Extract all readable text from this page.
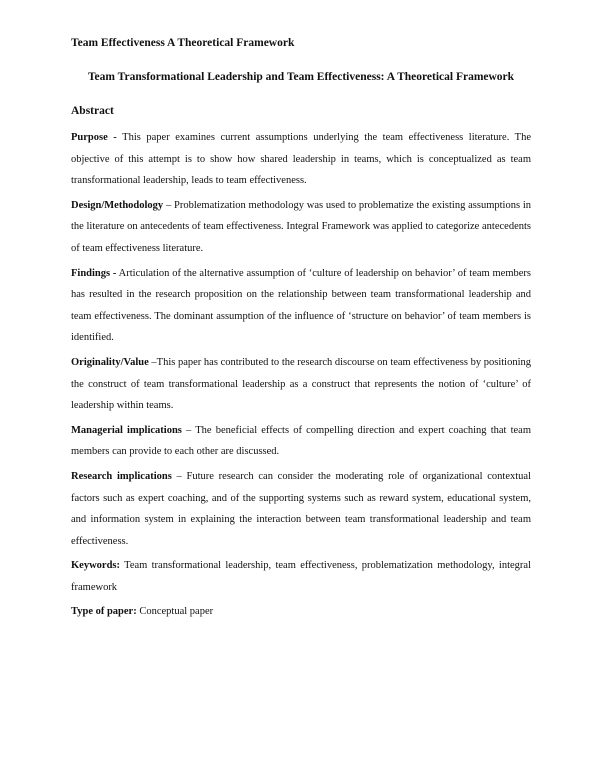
Team Effectiveness A Theoretical Framework
Team Transformational Leadership and Team Effectiveness: A Theoretical Framework
Abstract

Purpose - This paper examines current assumptions underlying the team effectiveness literature. The objective of this attempt is to show how shared leadership in teams, which is conceptualized as team transformational leadership, leads to team effectiveness.

Design/Methodology – Problematization methodology was used to problematize the existing assumptions in the literature on antecedents of team effectiveness. Integral Framework was applied to categorize antecedents of team effectiveness literature.

Findings - Articulation of the alternative assumption of ‘culture of leadership on behavior’ of team members has resulted in the research proposition on the relationship between team transformational leadership and team effectiveness. The dominant assumption of the influence of ‘structure on behavior’ of team members is identified.

Originality/Value –This paper has contributed to the research discourse on team effectiveness by positioning the construct of team transformational leadership as a construct that represents the notion of ‘culture’ of leadership within teams.

Managerial implications – The beneficial effects of compelling direction and expert coaching that team members can provide to each other are discussed.

Research implications – Future research can consider the moderating role of organizational contextual factors such as expert coaching, and of the supporting systems such as reward system, educational system, and information system in explaining the interaction between team transformational leadership and team effectiveness.

Keywords: Team transformational leadership, team effectiveness, problematization methodology, integral framework

Type of paper: Conceptual paper
